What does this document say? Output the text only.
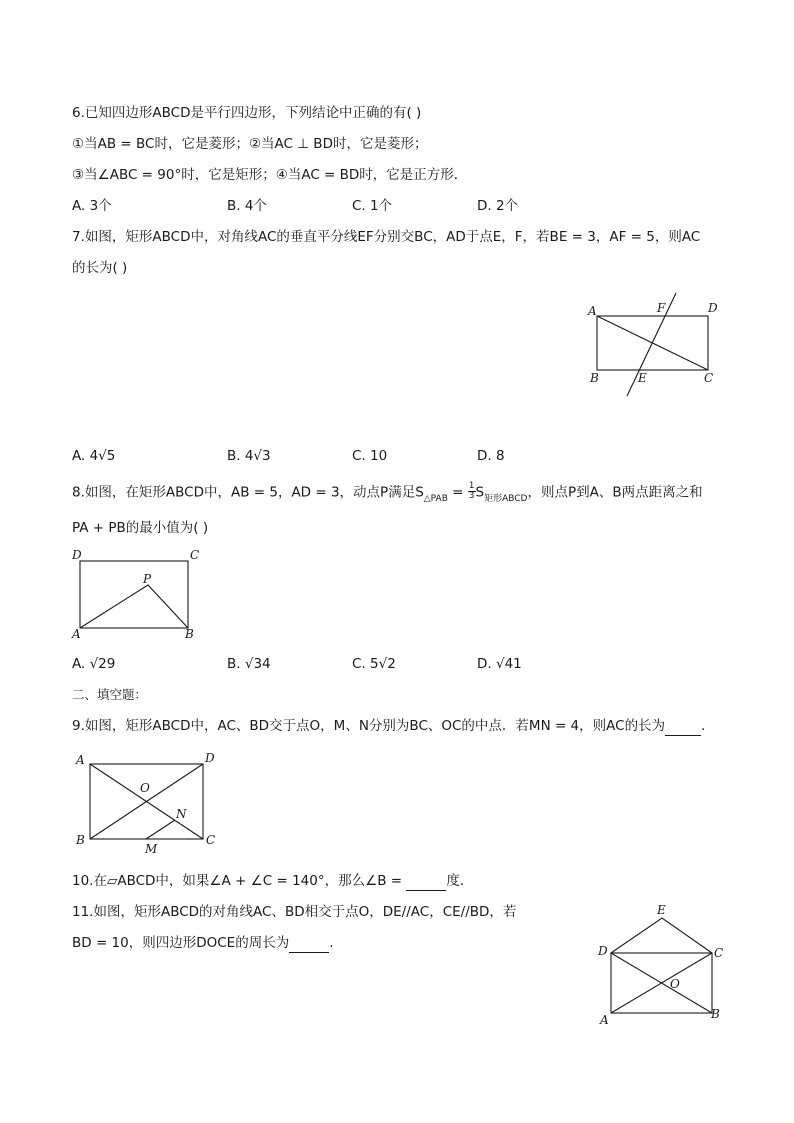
6.已知四边形ABCD是平行四边形，下列结论中正确的有( )
①当AB = BC时，它是菱形；②当AC ⊥ BD时，它是菱形；
③当∠ABC = 90°时，它是矩形；④当AC = BD时，它是正方形．
A. 3个	B. 4个	C. 1个	D. 2个
7.如图，矩形ABCD中，对角线AC的垂直平分线EF分别交BC，AD于点E，F，若BE = 3，AF = 5，则AC
的长为( )
A	F	D
B	E	C
A. 4√5	B. 4√3	C. 10	D. 8
8.如图，在矩形ABCD中，AB = 5，AD = 3，动点P满足$S_{\triangle PAB} = \frac{1}{3} S_{矩形ABCD}$，则点P到A、B两点距离之和
PA + PB的最小值为( )
D	C
P
A	B
A. √29	B. √34	C. 5√2	D. √41
二、填空题：
9.如图，矩形ABCD中，AC、BD交于点O，M、N分别为BC、OC的中点．若MN = 4，则AC的长为	．
A	D
O
N
B	C
M
10.在▱ABCD中，如果∠A + ∠C = 140°，那么∠B =	度．
11.如图，矩形ABCD的对角线AC、BD相交于点O，DE//AC，CE//BD，若
BD = 10，则四边形DOCE的周长为	．
E
D	C
O
A	B
